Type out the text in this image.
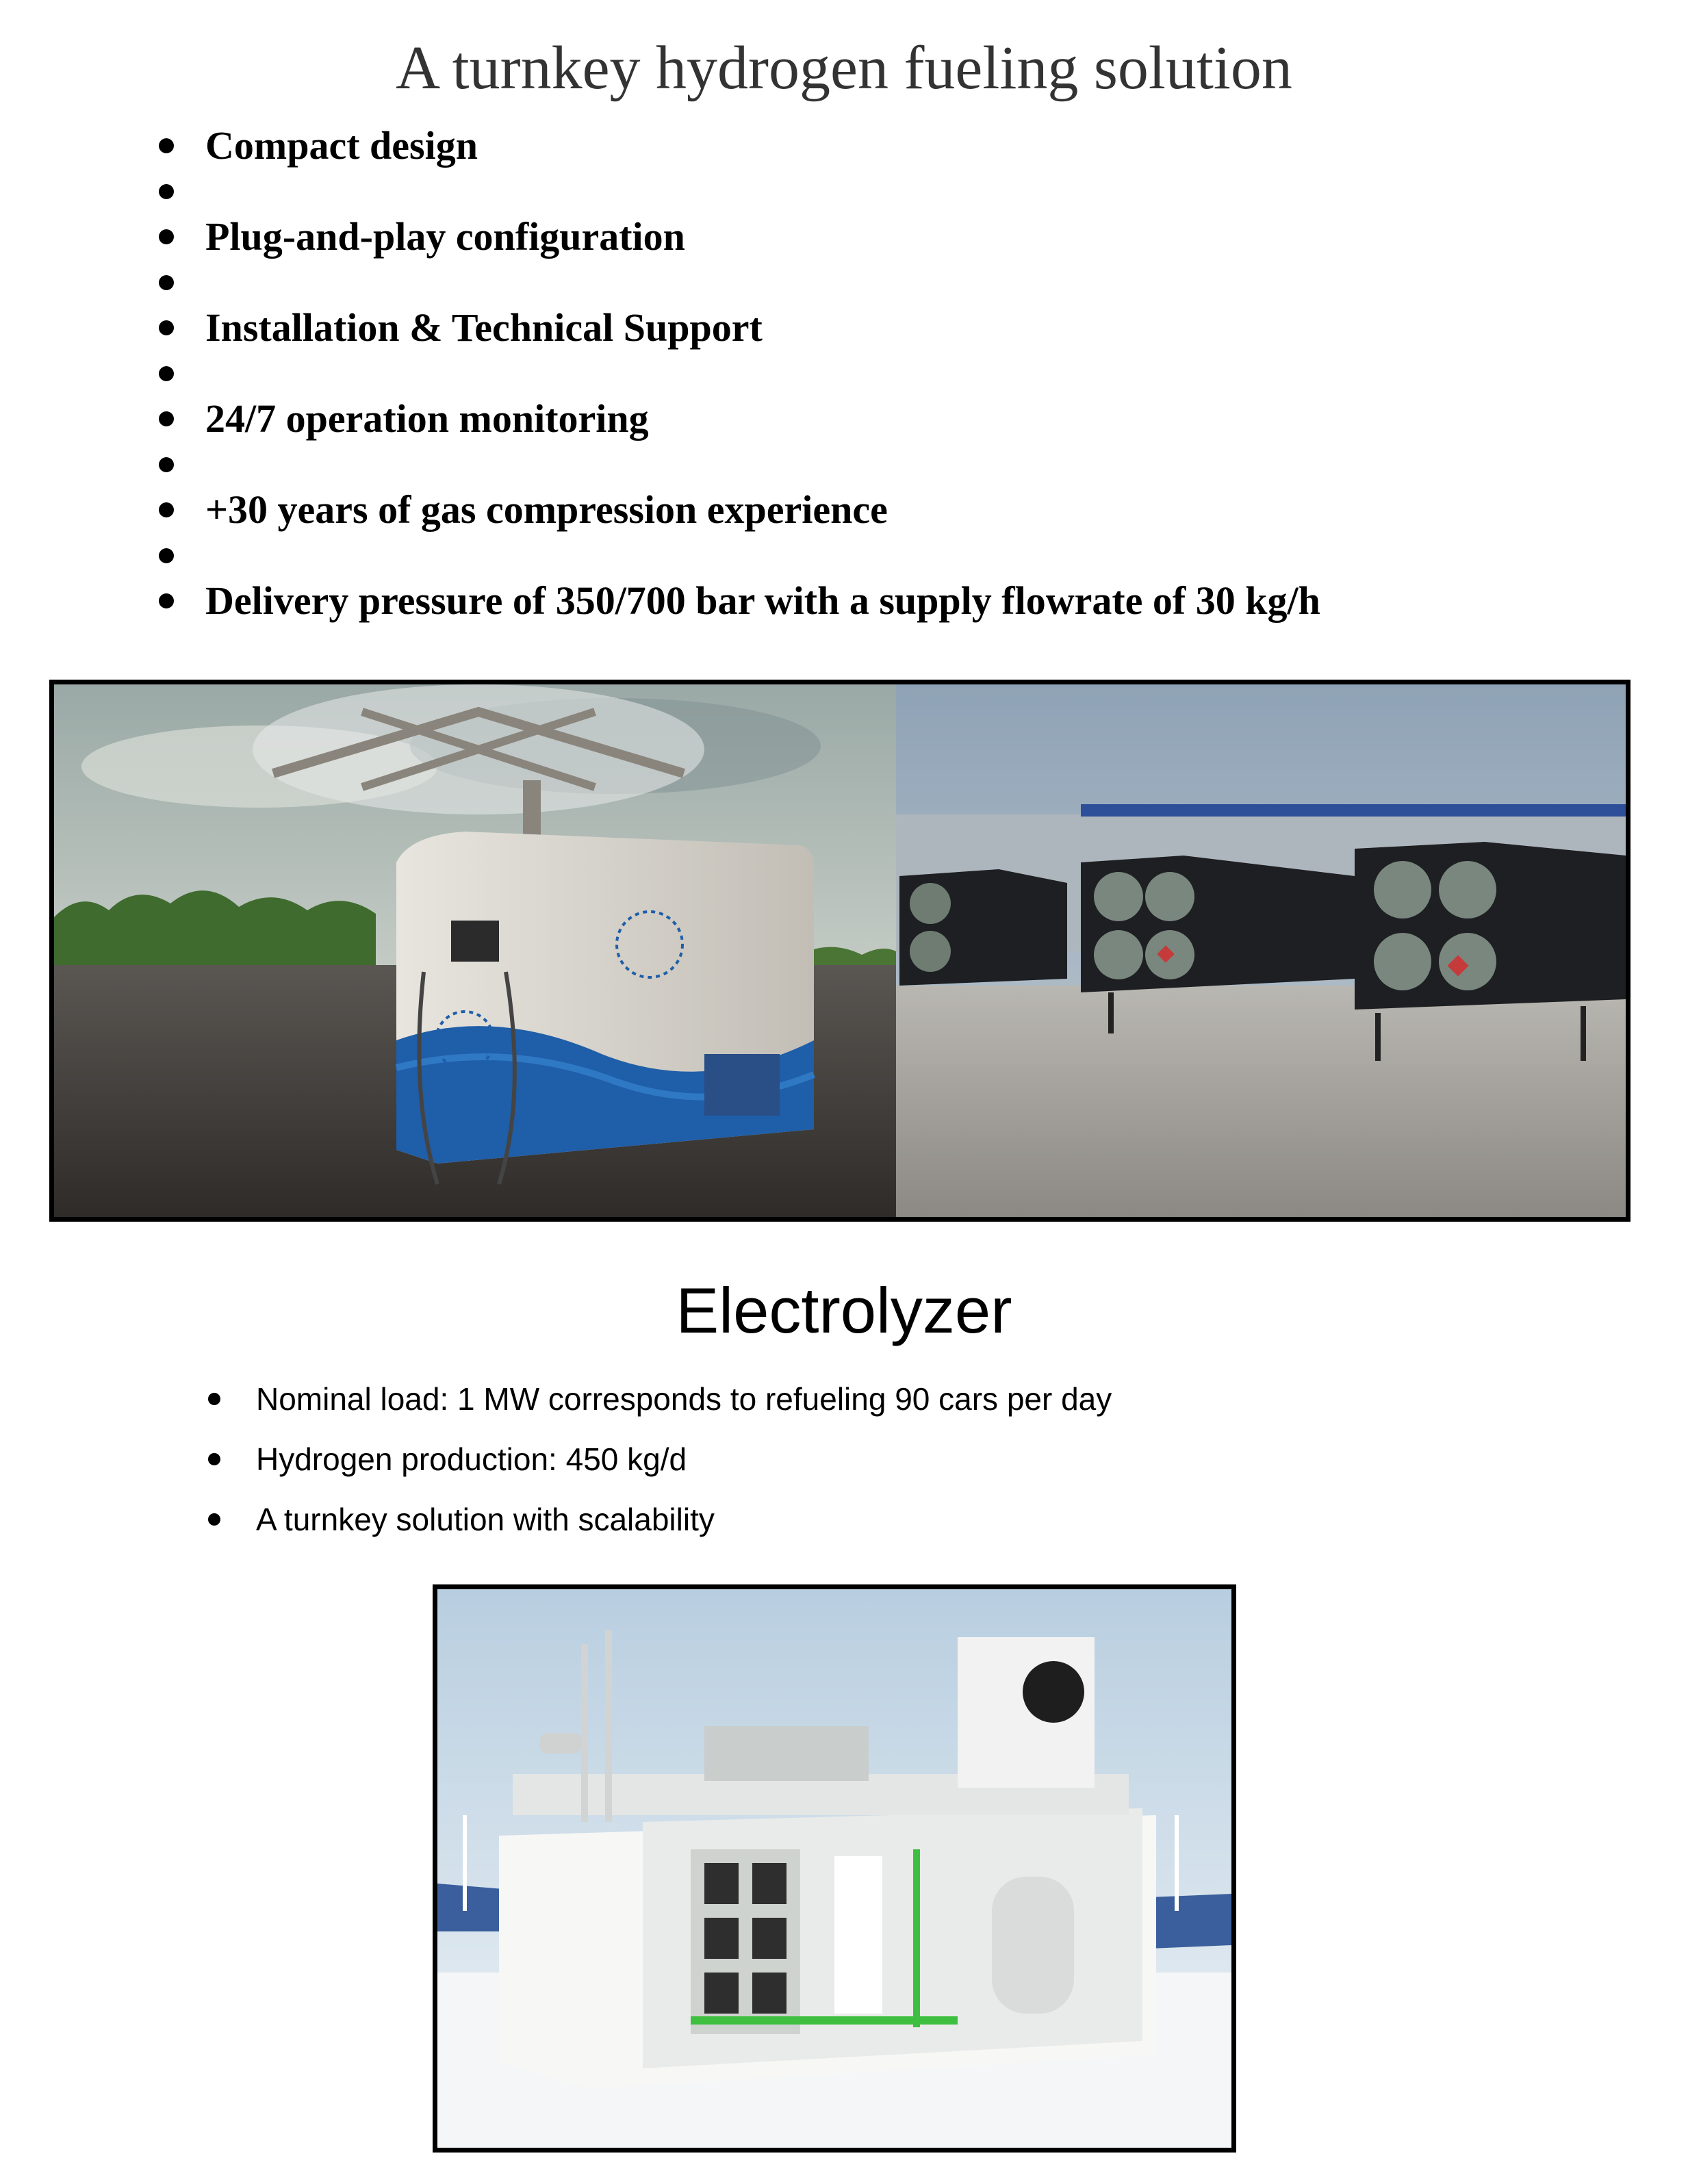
A turnkey hydrogen fueling solution
Compact design
Plug-and-play configuration
Installation & Technical Support
24/7 operation monitoring
+30 years of gas compression experience
Delivery pressure of 350/700 bar with a supply flowrate of 30 kg/h
Electrolyzer
Nominal load: 1 MW corresponds to refueling 90 cars per day
Hydrogen production: 450 kg/d
A turnkey solution with scalability
